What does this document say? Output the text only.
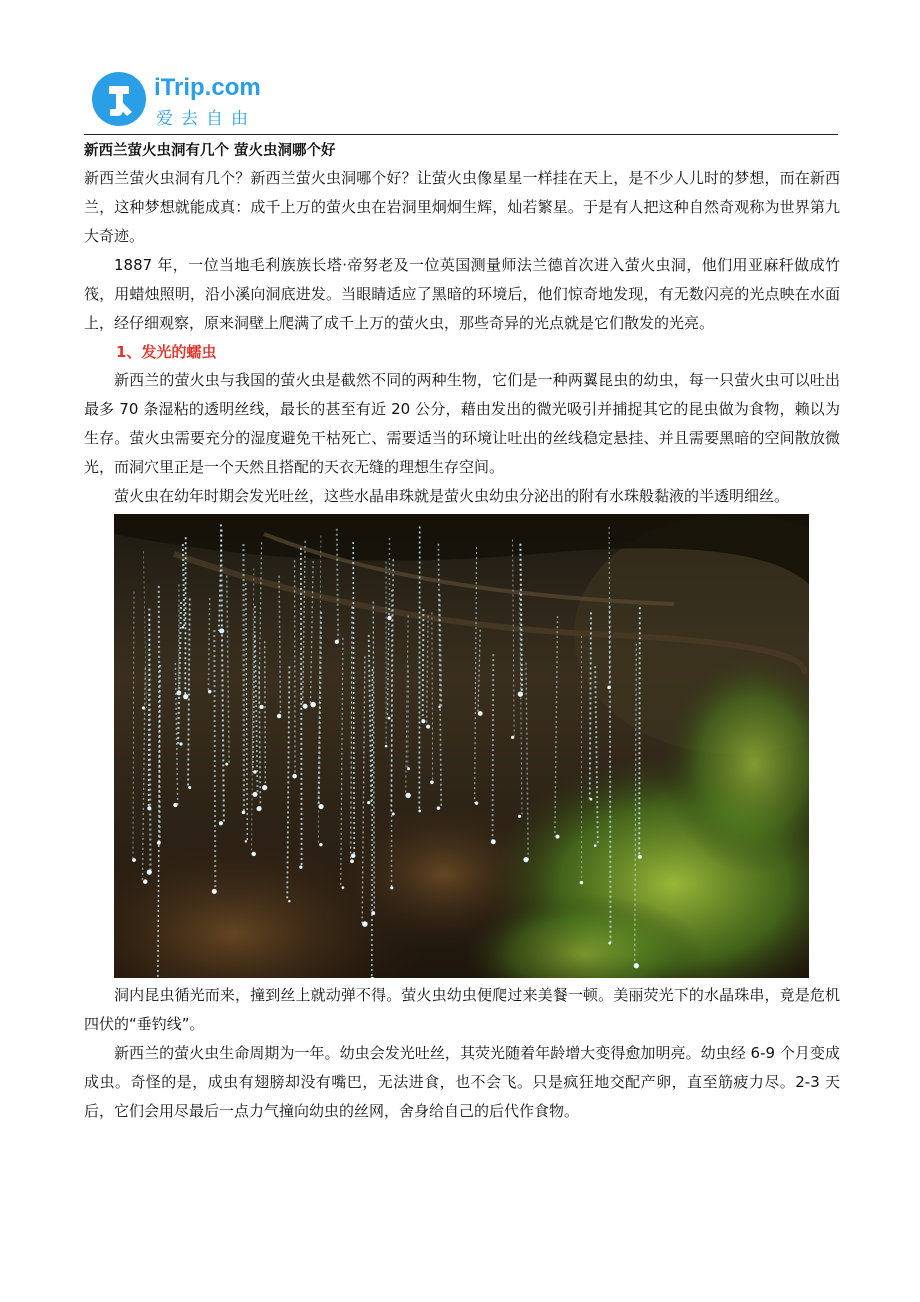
iTrip.com
爱去自由
新西兰萤火虫洞有几个 萤火虫洞哪个好

新西兰萤火虫洞有几个？新西兰萤火虫洞哪个好？让萤火虫像星星一样挂在天上，是不少人儿时的梦想，而在新西兰，这种梦想就能成真：成千上万的萤火虫在岩洞里炯炯生辉，灿若繁星。于是有人把这种自然奇观称为世界第九大奇迹。

1887 年，一位当地毛利族族长塔·帝努老及一位英国测量师法兰德首次进入萤火虫洞，他们用亚麻秆做成竹筏，用蜡烛照明，沿小溪向洞底进发。当眼睛适应了黑暗的环境后，他们惊奇地发现，有无数闪亮的光点映在水面上，经仔细观察，原来洞壁上爬满了成千上万的萤火虫，那些奇异的光点就是它们散发的光亮。

1、发光的蠕虫

新西兰的萤火虫与我国的萤火虫是截然不同的两种生物，它们是一种两翼昆虫的幼虫，每一只萤火虫可以吐出最多 70 条湿粘的透明丝线，最长的甚至有近 20 公分，藉由发出的微光吸引并捕捉其它的昆虫做为食物，赖以为生存。萤火虫需要充分的湿度避免干枯死亡、需要适当的环境让吐出的丝线稳定悬挂、并且需要黑暗的空间散放微光，而洞穴里正是一个天然且搭配的天衣无缝的理想生存空间。

萤火虫在幼年时期会发光吐丝，这些水晶串珠就是萤火虫幼虫分泌出的附有水珠般黏液的半透明细丝。

洞内昆虫循光而来，撞到丝上就动弹不得。萤火虫幼虫便爬过来美餐一顿。美丽荧光下的水晶珠串，竟是危机四伏的“垂钓线”。

新西兰的萤火虫生命周期为一年。幼虫会发光吐丝，其荧光随着年龄增大变得愈加明亮。幼虫经 6-9 个月变成成虫。奇怪的是，成虫有翅膀却没有嘴巴，无法进食，也不会飞。只是疯狂地交配产卵，直至筋疲力尽。2-3 天后，它们会用尽最后一点力气撞向幼虫的丝网，舍身给自己的后代作食物。
